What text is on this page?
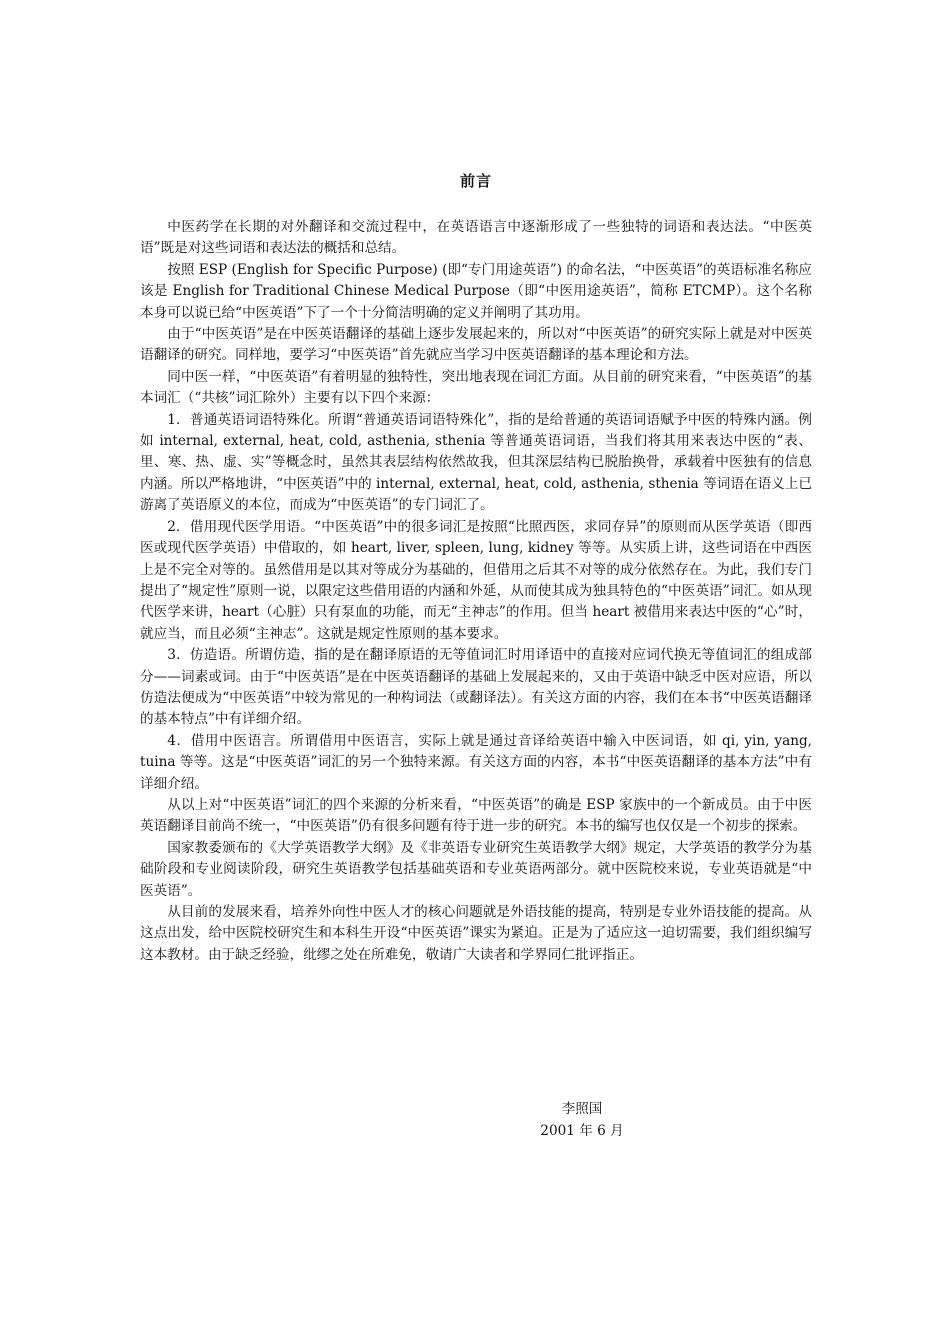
前言

中医药学在长期的对外翻译和交流过程中，在英语语言中逐渐形成了一些独特的词语和表达法。“中医英语”既是对这些词语和表达法的概括和总结。

按照 ESP (English for Specific Purpose) (即“专门用途英语”) 的命名法，“中医英语”的英语标准名称应该是 English for Traditional Chinese Medical Purpose（即“中医用途英语”，简称 ETCMP）。这个名称本身可以说已给“中医英语”下了一个十分简洁明确的定义并阐明了其功用。

由于“中医英语”是在中医英语翻译的基础上逐步发展起来的，所以对“中医英语”的研究实际上就是对中医英语翻译的研究。同样地，要学习“中医英语”首先就应当学习中医英语翻译的基本理论和方法。

同中医一样，“中医英语”有着明显的独特性，突出地表现在词汇方面。从目前的研究来看，“中医英语”的基本词汇（“共核”词汇除外）主要有以下四个来源：

1．普通英语词语特殊化。所谓“普通英语词语特殊化”，指的是给普通的英语词语赋予中医的特殊内涵。例如 internal, external, heat, cold, asthenia, sthenia 等普通英语词语，当我们将其用来表达中医的“表、里、寒、热、虚、实”等概念时，虽然其表层结构依然故我，但其深层结构已脱胎换骨，承载着中医独有的信息内涵。所以严格地讲，“中医英语”中的 internal, external, heat, cold, asthenia, sthenia 等词语在语义上已游离了英语原义的本位，而成为“中医英语”的专门词汇了。

2．借用现代医学用语。“中医英语”中的很多词汇是按照“比照西医，求同存异”的原则而从医学英语（即西医或现代医学英语）中借取的，如 heart, liver, spleen, lung, kidney 等等。从实质上讲，这些词语在中西医上是不完全对等的。虽然借用是以其对等成分为基础的，但借用之后其不对等的成分依然存在。为此，我们专门提出了“规定性”原则一说，以限定这些借用语的内涵和外延，从而使其成为独具特色的“中医英语”词汇。如从现代医学来讲，heart（心脏）只有泵血的功能，而无“主神志”的作用。但当 heart 被借用来表达中医的“心”时，就应当，而且必须“主神志”。这就是规定性原则的基本要求。

3．仿造语。所谓仿造，指的是在翻译原语的无等值词汇时用译语中的直接对应词代换无等值词汇的组成部分——词素或词。由于“中医英语”是在中医英语翻译的基础上发展起来的，又由于英语中缺乏中医对应语，所以仿造法便成为“中医英语”中较为常见的一种构词法（或翻译法）。有关这方面的内容，我们在本书“中医英语翻译的基本特点”中有详细介绍。

4．借用中医语言。所谓借用中医语言，实际上就是通过音译给英语中输入中医词语，如 qi, yin, yang, tuina 等等。这是“中医英语”词汇的另一个独特来源。有关这方面的内容，本书“中医英语翻译的基本方法”中有详细介绍。

从以上对“中医英语”词汇的四个来源的分析来看，“中医英语”的确是 ESP 家族中的一个新成员。由于中医英语翻译目前尚不统一，“中医英语”仍有很多问题有待于进一步的研究。本书的编写也仅仅是一个初步的探索。

国家教委颁布的《大学英语教学大纲》及《非英语专业研究生英语教学大纲》规定，大学英语的教学分为基础阶段和专业阅读阶段，研究生英语教学包括基础英语和专业英语两部分。就中医院校来说，专业英语就是“中医英语”。

从目前的发展来看，培养外向性中医人才的核心问题就是外语技能的提高，特别是专业外语技能的提高。从这点出发，给中医院校研究生和本科生开设“中医英语”课实为紧迫。正是为了适应这一迫切需要，我们组织编写这本教材。由于缺乏经验，纰缪之处在所难免，敬请广大读者和学界同仁批评指正。

李照国
2001 年 6 月
